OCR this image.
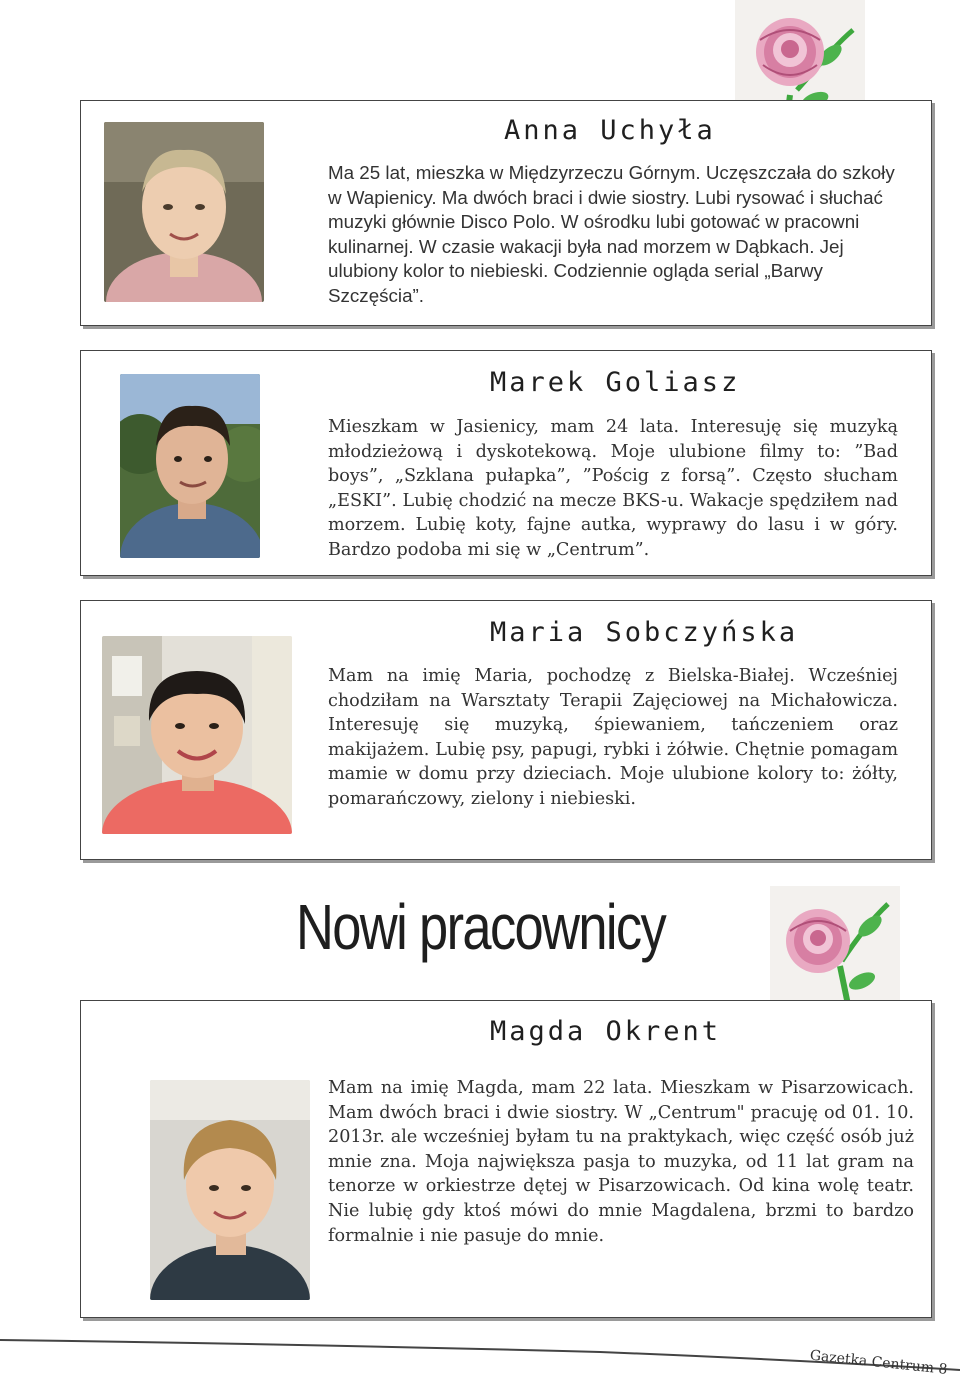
Anna Uchyła

Ma 25 lat, mieszka w Międzyrzeczu Górnym. Uczęszczała do szkoły w Wapienicy. Ma dwóch braci i dwie siostry. Lubi rysować i słuchać muzyki głównie Disco Polo. W ośrodku lubi gotować w pracowni kulinarnej. W czasie wakacji była nad morzem w Dąbkach. Jej ulubiony kolor to niebieski. Codziennie ogląda serial „Barwy Szczęścia”.

Marek Goliasz

Mieszkam w Jasienicy, mam 24 lata. Interesuję się muzyką młodzieżową i dyskotekową. Moje ulubione filmy to: ”Bad boys”, „Szklana pułapka”, ”Pościg z forsą”. Często słucham „ESKI”. Lubię chodzić na mecze BKS-u. Wakacje spędziłem nad morzem. Lubię koty, fajne autka, wyprawy do lasu i w góry. Bardzo podoba mi się w „Centrum”.

Maria Sobczyńska

Mam na imię Maria, pochodzę z Bielska-Białej. Wcześniej chodziłam na Warsztaty Terapii Zajęciowej na Michałowicza. Interesuję się muzyką, śpiewaniem, tańczeniem oraz makijażem. Lubię psy, papugi, rybki i żółwie. Chętnie pomagam mamie w domu przy dzieciach. Moje ulubione kolory to: żółty, pomarańczowy, zielony i niebieski.

Nowi pracownicy
Magda Okrent

Mam na imię Magda, mam 22 lata. Mieszkam w Pisarzowicach. Mam dwóch braci i dwie siostry. W „Centrum" pracuję od 01. 10. 2013r. ale wcześniej byłam tu na praktykach, więc część osób już mnie zna. Moja największa pasja to muzyka, od 11 lat gram na tenorze w orkiestrze dętej w Pisarzowicach. Od kina wolę teatr. Nie lubię gdy ktoś mówi do mnie Magdalena, brzmi to bardzo formalnie i nie pasuje do mnie.

Gazetka Centrum 8
